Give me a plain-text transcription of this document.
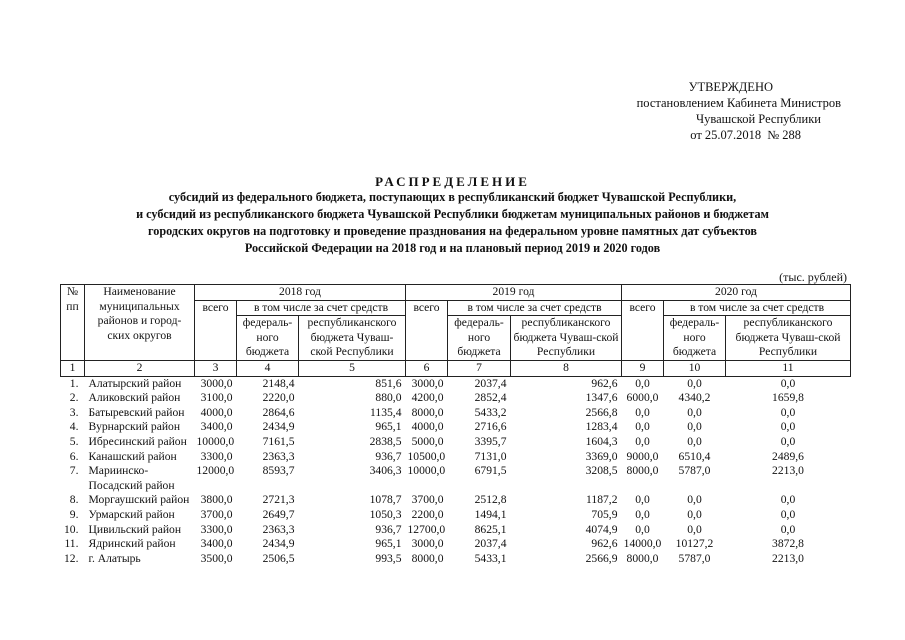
УТВЕРЖДЕНО
постановлением Кабинета Министров
Чувашской Республики
от 25.07.2018 № 288
РАСПРЕДЕЛЕНИЕ
субсидий из федерального бюджета, поступающих в республиканский бюджет Чувашской Республики,
и субсидий из республиканского бюджета Чувашской Республики бюджетам муниципальных районов и бюджетам
городских округов на подготовку и проведение празднования на федеральном уровне памятных дат субъектов
Российской Федерации на 2018 год и на плановый период 2019 и 2020 годов
(тыс. рублей)
№ пп	Наименование муниципальных районов и город-ских округов	2018 год			2019 год			2020 год		
		всего	в том числе за счет средств		всего	в том числе за счет средств		всего	в том числе за счет средств	
			федераль-ного бюджета	республиканского бюджета Чуваш-ской Республики		федераль-ного бюджета	республиканского бюджета Чуваш-ской Республики		федераль-ного бюджета	республиканского бюджета Чуваш-ской Республики

1	2	3	4	5	6	7	8	9	10	11
1.	Алатырский район	3000,0	2148,4	851,6	3000,0	2037,4	962,6	0,0	0,0	0,0
2.	Аликовский район	3100,0	2220,0	880,0	4200,0	2852,4	1347,6	6000,0	4340,2	1659,8
3.	Батыревский район	4000,0	2864,6	1135,4	8000,0	5433,2	2566,8	0,0	0,0	0,0
4.	Вурнарский район	3400,0	2434,9	965,1	4000,0	2716,6	1283,4	0,0	0,0	0,0
5.	Ибресинский район	10000,0	7161,5	2838,5	5000,0	3395,7	1604,3	0,0	0,0	0,0
6.	Канашский район	3300,0	2363,3	936,7	10500,0	7131,0	3369,0	9000,0	6510,4	2489,6
7.	Мариинско-Посадский район	12000,0	8593,7	3406,3	10000,0	6791,5	3208,5	8000,0	5787,0	2213,0
8.	Моргаушский район	3800,0	2721,3	1078,7	3700,0	2512,8	1187,2	0,0	0,0	0,0
9.	Урмарский район	3700,0	2649,7	1050,3	2200,0	1494,1	705,9	0,0	0,0	0,0
10.	Цивильский район	3300,0	2363,3	936,7	12700,0	8625,1	4074,9	0,0	0,0	0,0
11.	Ядринский район	3400,0	2434,9	965,1	3000,0	2037,4	962,6	14000,0	10127,2	3872,8
12.	г. Алатырь	3500,0	2506,5	993,5	8000,0	5433,1	2566,9	8000,0	5787,0	2213,0
